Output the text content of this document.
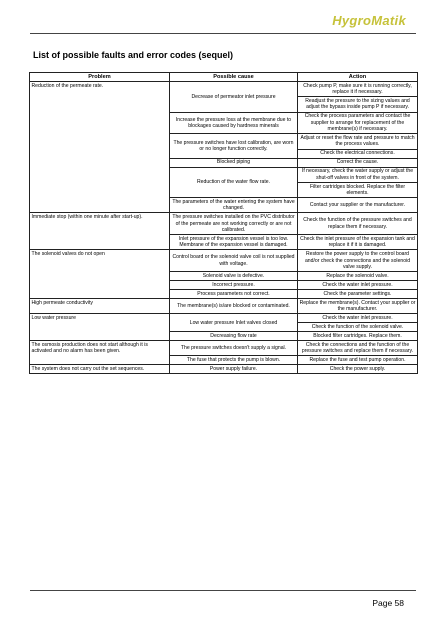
HygroMatik
List of possible faults and error codes (sequel)
Problem	Possible cause	Action
Reduction of the permeate rate.	Decrease of permeator inlet pressure	Check pump P, make sure it is running correctly, replace it if necessary.
		Readjust the pressure to the sizing values and adjust the bypass inside pump P if necessary.
	Increase the pressure loss at the membrane due to blockages caused by hardness minerals	Check the process parameters and contact the supplier to arrange for replacement of the membrane(s) if necessary.
	The pressure switches have lost calibration, are worn or no longer function correctly.	Adjust or reset the flow rate and pressure to match the process values.
		Check the electrical connections.
	Blocked piping	Correct the cause.
	Reduction of the water flow rate.	If necessary, check the water supply or adjust the shut-off valves in front of the system.
		Filter cartridges blocked. Replace the filter elements.
	The parameters of the water entering the system have changed.	Contact your supplier or the manufacturer.
Immediate stop (within one minute after start-up).	The pressure switches installed on the PVC distributor of the permeate are not working correctly or are not calibrated.	Check the function of the pressure switches and replace them if necessary.
	Inlet pressure of the expansion vessel is too low. Membrane of the expansion vessel is damaged.	Check the inlet pressure of the expansion tank and replace it if it is damaged.
The solenoid valves do not open	Control board or the solenoid valve coil is not supplied with voltage.	Restore the power supply to the control board and/or check the connections and the solenoid valve supply.
	Solenoid valve is defective.	Replace the solenoid valve.
	Incorrect pressure.	Check the water inlet pressure.
	Process parameters not correct.	Check the parameter settings.
High permeate conductivity	The membrane(s) is/are blocked or contaminated.	Replace the membrane(s). Contact your supplier or the manufacturer.
Low water pressure	Low water pressure Inlet valves closed	Check the water inlet pressure.
		Check the function of the solenoid valve.
	Decreasing flow rate	Blocked filter cartridges. Replace them.
The osmosis production does not start although it is activated and no alarm has been given.	The pressure switches doesn't supply a signal.	Check the connections and the function of the pressure switches and replace them if necessary.
	The fuse that protects the pump is blown.	Replace the fuse and test pump operation.
The system does not carry out the set sequences.	Power supply failure.	Check the power supply.
Page 58
